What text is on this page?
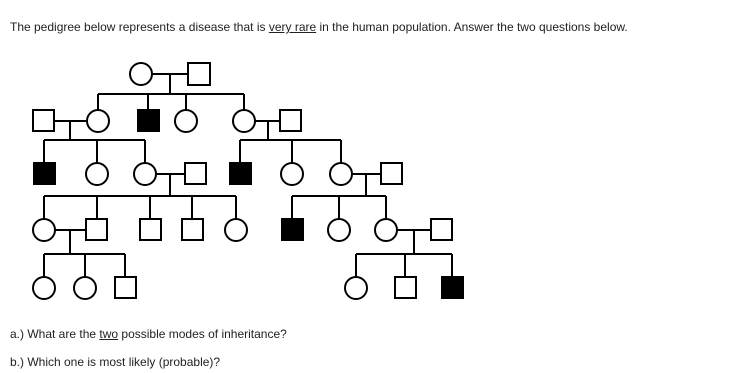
The pedigree below represents a disease that is very rare in the human population. Answer the two questions below.
a.) What are the two possible modes of inheritance?
b.) Which one is most likely (probable)?
